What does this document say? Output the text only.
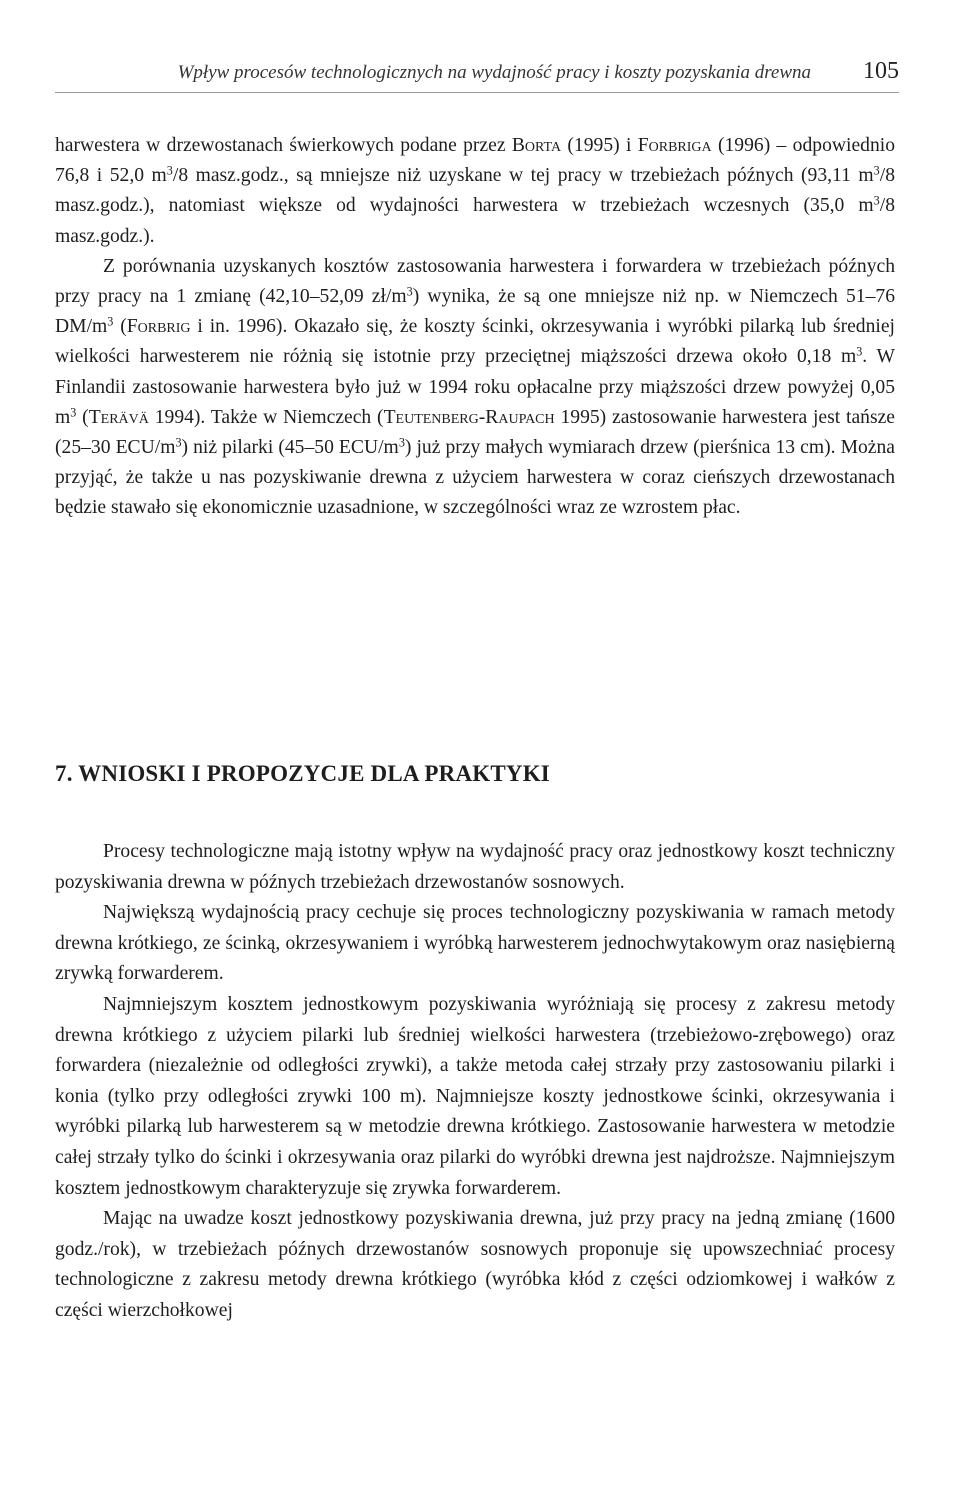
Wpływ procesów technologicznych na wydajność pracy i koszty pozyskania drewna 105

harwestera w drzewostanach świerkowych podane przez Borta (1995) i Forbriga (1996) – odpowiednio 76,8 i 52,0 $m^3/8$ masz.godz., są mniejsze niż uzyskane w tej pracy w trzebieżach późnych (93,11 $m^3/8$ masz.godz.), natomiast większe od wydajności harwestera w trzebieżach wczesnych (35,0 $m^3/8$ masz.godz.).

Z porównania uzyskanych kosztów zastosowania harwestera i forwardera w trzebieżach późnych przy pracy na 1 zmianę (42,10–52,09 $zł/m^3$) wynika, że są one mniejsze niż np. w Niemczech 51–76 $DM/m^3$ (Forbrig i in. 1996). Okazało się, że koszty ścinki, okrzesywania i wyróbki pilarką lub średniej wielkości harwesterem nie różnią się istotnie przy przeciętnej miąższości drzewa około 0,18 $m^3$. W Finlandii zastosowanie harwestera było już w 1994 roku opłacalne przy miąższości drzew powyżej 0,05 $m^3$ (Terävä 1994). Także w Niemczech (Teutenberg-Raupach 1995) zastosowanie harwestera jest tańsze (25–30 ECU/$m^3$) niż pilarki (45–50 ECU/$m^3$) już przy małych wymiarach drzew (pierśnica 13 cm). Można przyjąć, że także u nas pozyskiwanie drewna z użyciem harwestera w coraz cieńszych drzewostanach będzie stawało się ekonomicznie uzasadnione, w szczególności wraz ze wzrostem płac.

7. WNIOSKI I PROPOZYCJE DLA PRAKTYKI

Procesy technologiczne mają istotny wpływ na wydajność pracy oraz jednostkowy koszt techniczny pozyskiwania drewna w późnych trzebieżach drzewostanów sosnowych.

Największą wydajnością pracy cechuje się proces technologiczny pozyskiwania w ramach metody drewna krótkiego, ze ścinką, okrzesywaniem i wyróbką harwesterem jednochwytakowym oraz nasiębierną zrywką forwarderem.

Najmniejszym kosztem jednostkowym pozyskiwania wyróżniają się procesy z zakresu metody drewna krótkiego z użyciem pilarki lub średniej wielkości harwestera (trzebieżowo-zrębowego) oraz forwardera (niezależnie od odległości zrywki), a także metoda całej strzały przy zastosowaniu pilarki i konia (tylko przy odległości zrywki 100 m). Najmniejsze koszty jednostkowe ścinki, okrzesywania i wyróbki pilarką lub harwesterem są w metodzie drewna krótkiego. Zastosowanie harwestera w metodzie całej strzały tylko do ścinki i okrzesywania oraz pilarki do wyróbki drewna jest najdroższe. Najmniejszym kosztem jednostkowym charakteryzuje się zrywka forwarderem.

Mając na uwadze koszt jednostkowy pozyskiwania drewna, już przy pracy na jedną zmianę (1600 godz./rok), w trzebieżach późnych drzewostanów sosnowych proponuje się upowszechniać procesy technologiczne z zakresu metody drewna krótkiego (wyróbka kłód z części odziomkowej i wałków z części wierzchołkowej
